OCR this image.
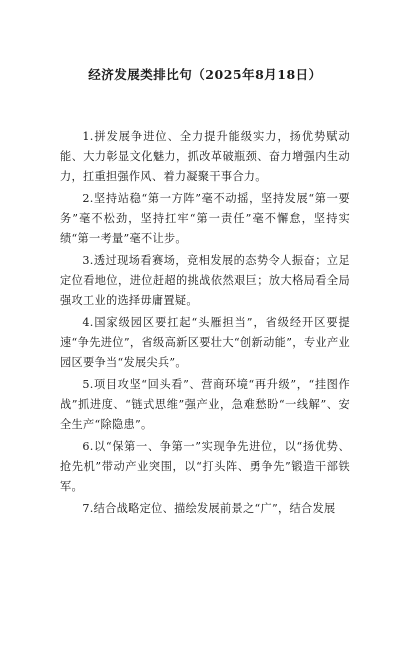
经济发展类排比句（2025年8月18日）

1.拼发展争进位、全力提升能级实力，扬优势赋动能、大力彰显文化魅力，抓改革破瓶颈、奋力增强内生动力，扛重担强作风、着力凝聚干事合力。

2.坚持站稳“第一方阵”毫不动摇，坚持发展“第一要务”毫不松劲，坚持扛牢“第一责任”毫不懈怠，坚持实绩“第一考量”毫不让步。

3.透过现场看赛场，竞相发展的态势令人振奋；立足定位看地位，进位赶超的挑战依然艰巨；放大格局看全局强攻工业的选择毋庸置疑。

4.国家级园区要扛起“头雁担当”，省级经开区要提速“争先进位”，省级高新区要壮大“创新动能”，专业产业园区要争当“发展尖兵”。

5.项目攻坚“回头看”、营商环境“再升级”，“挂图作战”抓进度、“链式思维”强产业，急难愁盼“一线解”、安全生产“除隐患”。

6.以“保第一、争第一”实现争先进位，以“扬优势、抢先机”带动产业突围，以“打头阵、勇争先”锻造干部铁军。

7.结合战略定位、描绘发展前景之“广”，结合发展
